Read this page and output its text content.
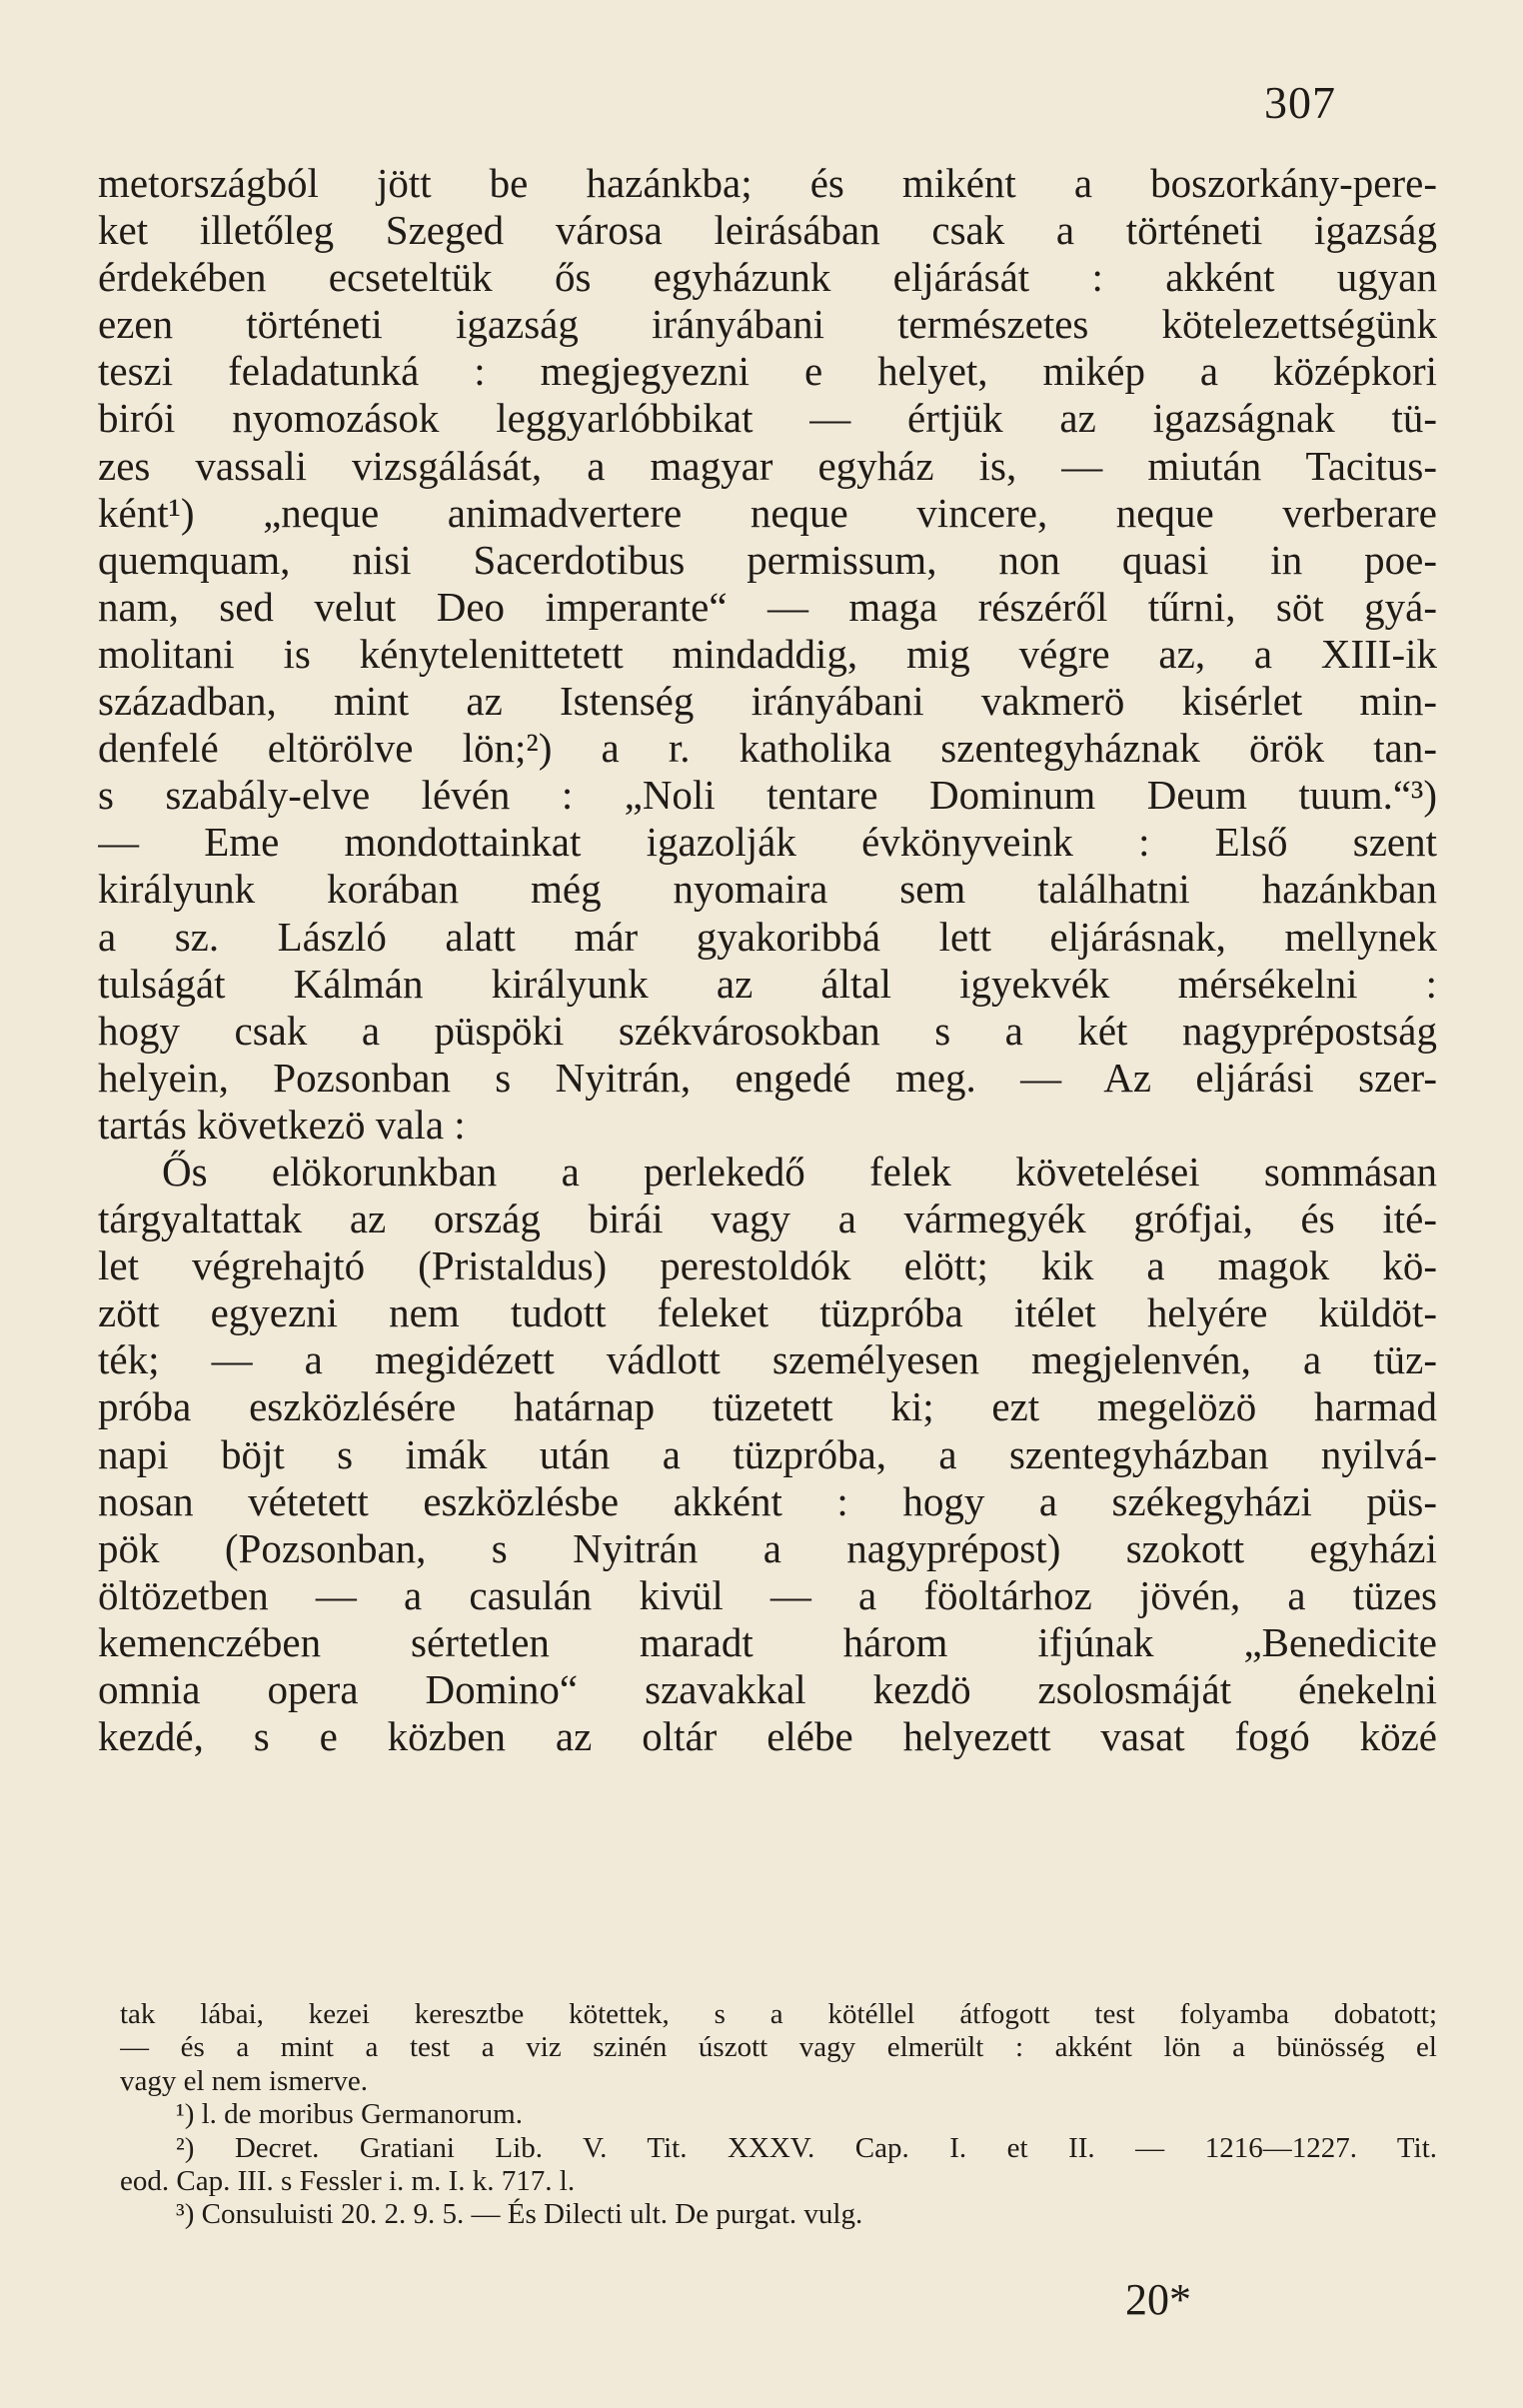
307
metországból jött be hazánkba; és miként a boszorkány-pere-
ket illetőleg Szeged városa leirásában csak a történeti igazság
érdekében ecseteltük ős egyházunk eljárását : akként ugyan
ezen történeti igazság irányábani természetes kötelezettségünk
teszi feladatunká : megjegyezni e helyet, mikép a középkori
birói nyomozások leggyarlóbbikat — értjük az igazságnak tü-
zes vassali vizsgálását, a magyar egyház is, — miután Tacitus-
ként¹) „neque animadvertere neque vincere, neque verberare
quemquam, nisi Sacerdotibus permissum, non quasi in poe-
nam, sed velut Deo imperante“ — maga részéről tűrni, söt gyá-
molitani is kénytelenittetett mindaddig, mig végre az, a XIII-ik
században, mint az Istenség irányábani vakmerö kisérlet min-
denfelé eltörölve lön;²) a r. katholika szentegyháznak örök tan-
s szabály-elve lévén : „Noli tentare Dominum Deum tuum.“³)
— Eme mondottainkat igazolják évkönyveink : Első szent
királyunk korában még nyomaira sem találhatni hazánkban
a sz. László alatt már gyakoribbá lett eljárásnak, mellynek
tulságát Kálmán királyunk az által igyekvék mérsékelni :
hogy csak a püspöki székvárosokban s a két nagyprépostság
helyein, Pozsonban s Nyitrán, engedé meg. — Az eljárási szer-
tartás következö vala :
Ős elökorunkban a perlekedő felek követelései sommásan
tárgyaltattak az ország birái vagy a vármegyék grófjai, és ité-
let végrehajtó (Pristaldus) perestoldók elött; kik a magok kö-
zött egyezni nem tudott feleket tüzpróba itélet helyére küldöt-
ték; — a megidézett vádlott személyesen megjelenvén, a tüz-
próba eszközlésére határnap tüzetett ki; ezt megelözö harmad
napi böjt s imák után a tüzpróba, a szentegyházban nyilvá-
nosan vétetett eszközlésbe akként : hogy a székegyházi püs-
pök (Pozsonban, s Nyitrán a nagyprépost) szokott egyházi
öltözetben — a casulán kivül — a föoltárhoz jövén, a tüzes
kemenczében sértetlen maradt három ifjúnak „Benedicite
omnia opera Domino“ szavakkal kezdö zsolosmáját énekelni
kezdé, s e közben az oltár elébe helyezett vasat fogó közé
tak lábai, kezei keresztbe kötettek, s a kötéllel átfogott test folyamba dobatott;
— és a mint a test a viz szinén úszott vagy elmerült : akként lön a bünösség el
vagy el nem ismerve.
¹) l. de moribus Germanorum.
²) Decret. Gratiani Lib. V. Tit. XXXV. Cap. I. et II. — 1216—1227. Tit.
eod. Cap. III. s Fessler i. m. I. k. 717. l.
³) Consuluisti 20. 2. 9. 5. — És Dilecti ult. De purgat. vulg.
20*
